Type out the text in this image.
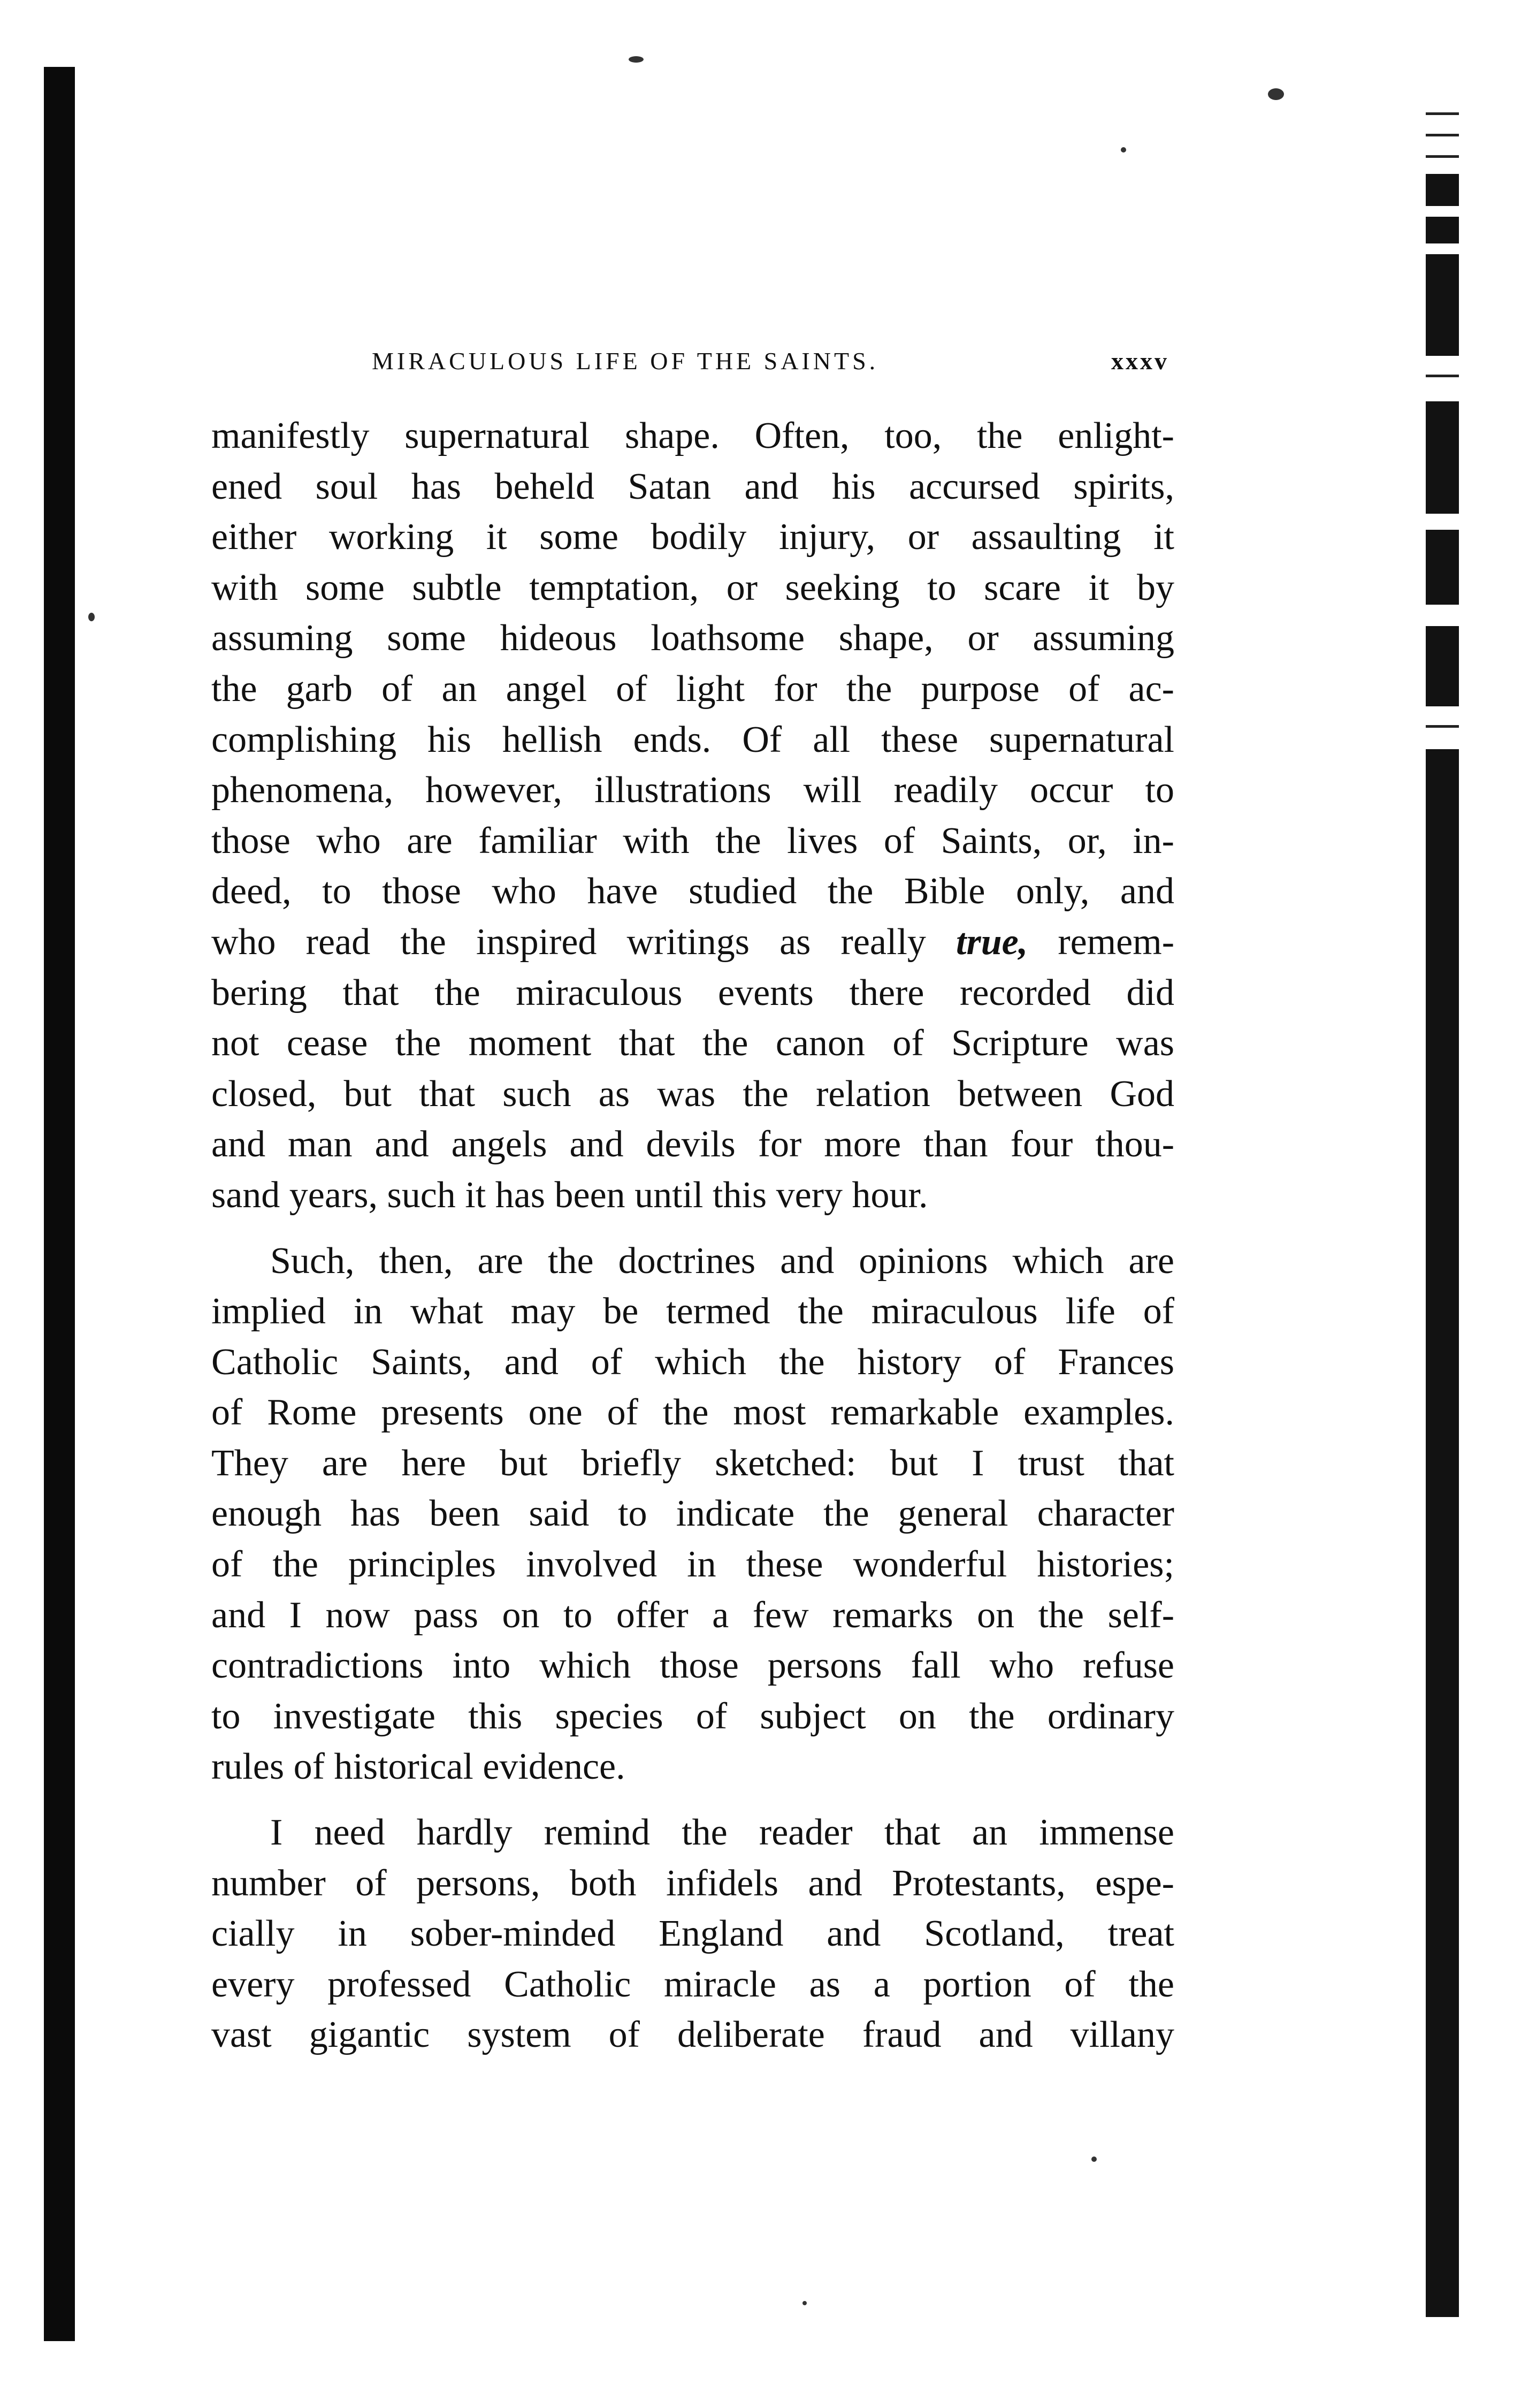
MIRACULOUS LIFE OF THE SAINTS.	xxxv
manifestly supernatural shape. Often, too, the enlight-
ened soul has beheld Satan and his accursed spirits,
either working it some bodily injury, or assaulting it
with some subtle temptation, or seeking to scare it by
assuming some hideous loathsome shape, or assuming
the garb of an angel of light for the purpose of ac-
complishing his hellish ends. Of all these supernatural
phenomena, however, illustrations will readily occur to
those who are familiar with the lives of Saints, or, in-
deed, to those who have studied the Bible only, and
who read the inspired writings as really true, remem-
bering that the miraculous events there recorded did
not cease the moment that the canon of Scripture was
closed, but that such as was the relation between God
and man and angels and devils for more than four thou-
sand years, such it has been until this very hour.
Such, then, are the doctrines and opinions which are
implied in what may be termed the miraculous life of
Catholic Saints, and of which the history of Frances
of Rome presents one of the most remarkable examples.
They are here but briefly sketched: but I trust that
enough has been said to indicate the general character
of the principles involved in these wonderful histories;
and I now pass on to offer a few remarks on the self-
contradictions into which those persons fall who refuse
to investigate this species of subject on the ordinary
rules of historical evidence.
I need hardly remind the reader that an immense
number of persons, both infidels and Protestants, espe-
cially in sober-minded England and Scotland, treat
every professed Catholic miracle as a portion of the
vast gigantic system of deliberate fraud and villany
